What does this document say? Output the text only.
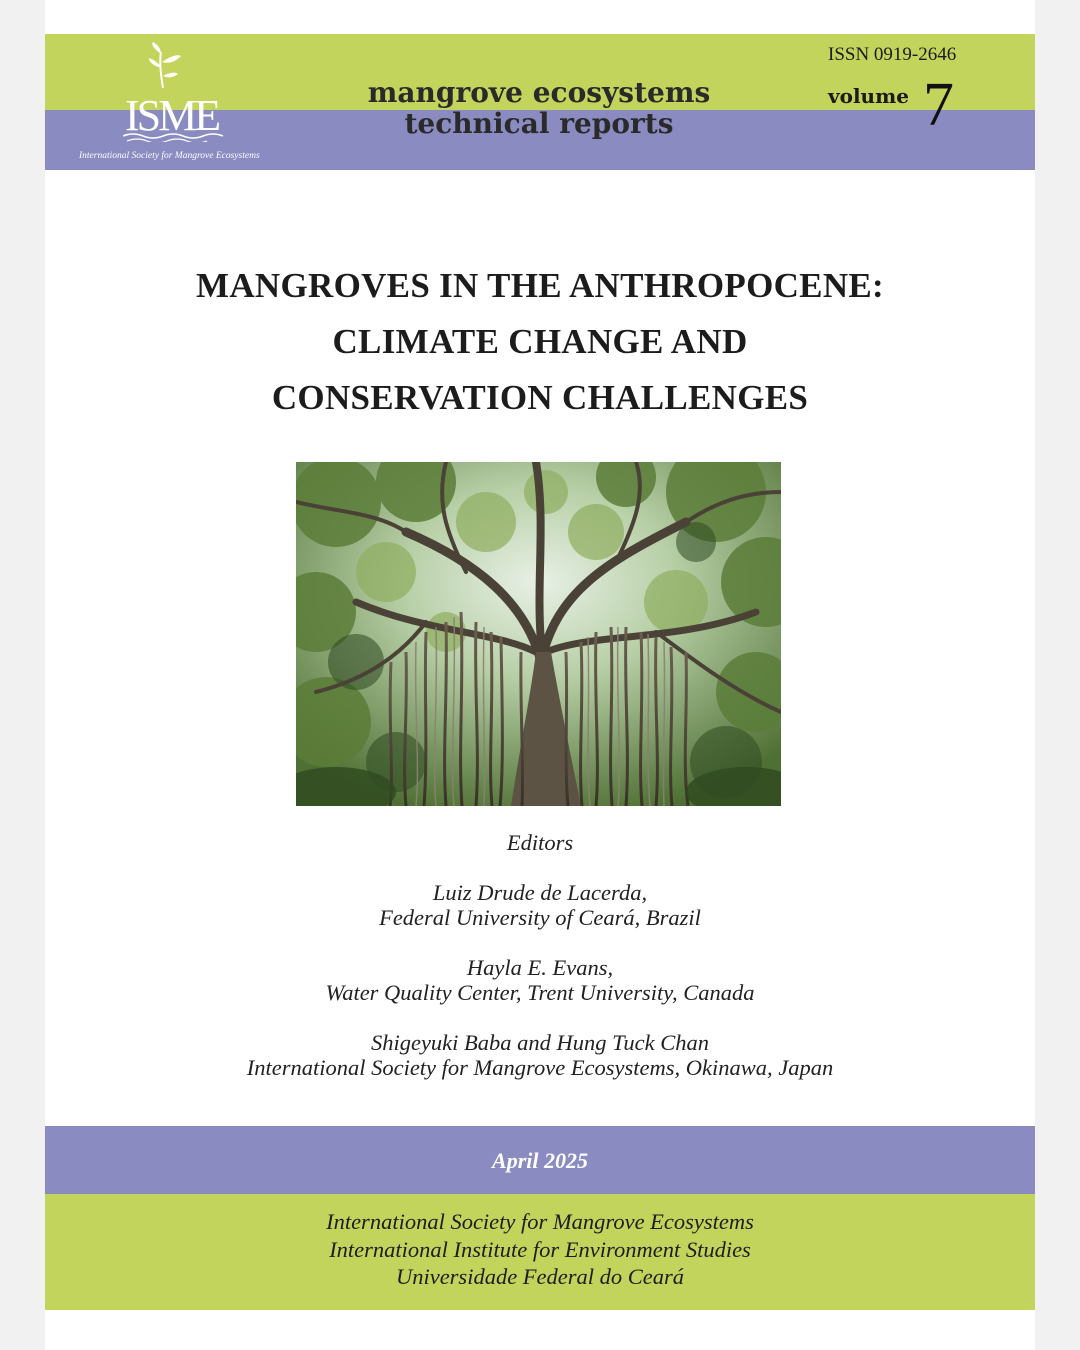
ISME
International Society for Mangrove Ecosystems
mangrove ecosystems
technical reports
ISSN 0919-2646
volume 7
MANGROVES IN THE ANTHROPOCENE:
CLIMATE CHANGE AND
CONSERVATION CHALLENGES
Editors
Luiz Drude de Lacerda,
Federal University of Ceará, Brazil
Hayla E. Evans,
Water Quality Center, Trent University, Canada
Shigeyuki Baba and Hung Tuck Chan
International Society for Mangrove Ecosystems, Okinawa, Japan
April 2025
International Society for Mangrove Ecosystems
International Institute for Environment Studies
Universidade Federal do Ceará
